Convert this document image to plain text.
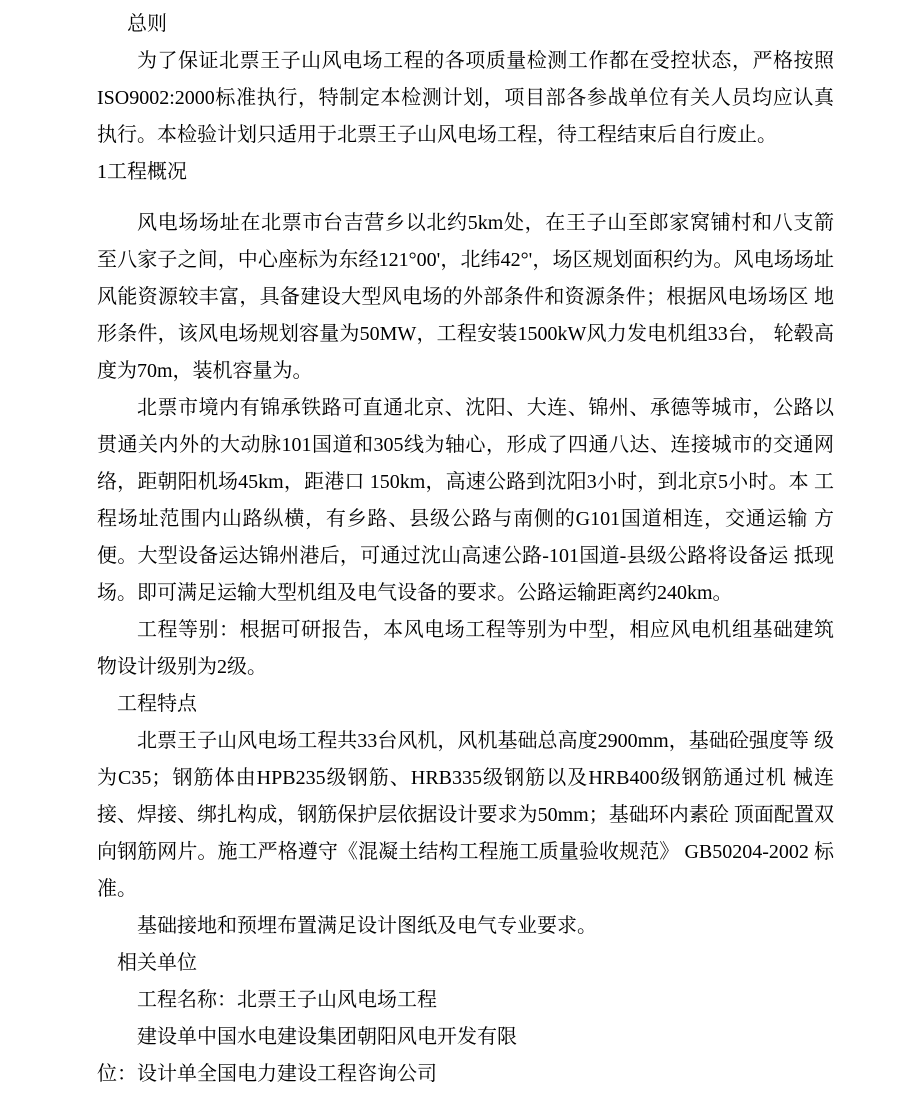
总则

为了保证北票王子山风电场工程的各项质量检测工作都在受控状态，严格按照ISO9002:2000标准执行，特制定本检测计划，项目部各参战单位有关人员均应认真执行。本检验计划只适用于北票王子山风电场工程，待工程结束后自行废止。

1工程概况

风电场场址在北票市台吉营乡以北约5km处，在王子山至郎家窝铺村和八支箭 至八家子之间，中心座标为东经121°00'，北纬42°'，场区规划面积约为。风电场场址风能资源较丰富，具备建设大型风电场的外部条件和资源条件；根据风电场场区 地形条件，该风电场规划容量为50MW，工程安装1500kW风力发电机组33台， 轮毂高度为70m，装机容量为。

北票市境内有锦承铁路可直通北京、沈阳、大连、锦州、承德等城市，公路以贯通关内外的大动脉101国道和305线为轴心，形成了四通八达、连接城市的交通网 络，距朝阳机场45km，距港口 150km，高速公路到沈阳3小时，到北京5小时。本 工程场址范围内山路纵横，有乡路、县级公路与南侧的G101国道相连，交通运输 方便。大型设备运达锦州港后，可通过沈山高速公路-101国道-县级公路将设备运 抵现场。即可满足运输大型机组及电气设备的要求。公路运输距离约240km。

工程等别：根据可研报告，本风电场工程等别为中型，相应风电机组基础建筑物设计级别为2级。

工程特点

北票王子山风电场工程共33台风机，风机基础总高度2900mm，基础砼强度等 级为C35；钢筋体由HPB235级钢筋、HRB335级钢筋以及HRB400级钢筋通过机 械连接、焊接、绑扎构成，钢筋保护层依据设计要求为50mm；基础环内素砼 顶面配置双向钢筋网片。施工严格遵守《混凝土结构工程施工质量验收规范》 GB50204-2002 标准。

基础接地和预埋布置满足设计图纸及电气专业要求。

相关单位

工程名称：北票王子山风电场工程

建设单中国水电建设集团朝阳风电开发有限

位：设计单全国电力建设工程咨询公司
